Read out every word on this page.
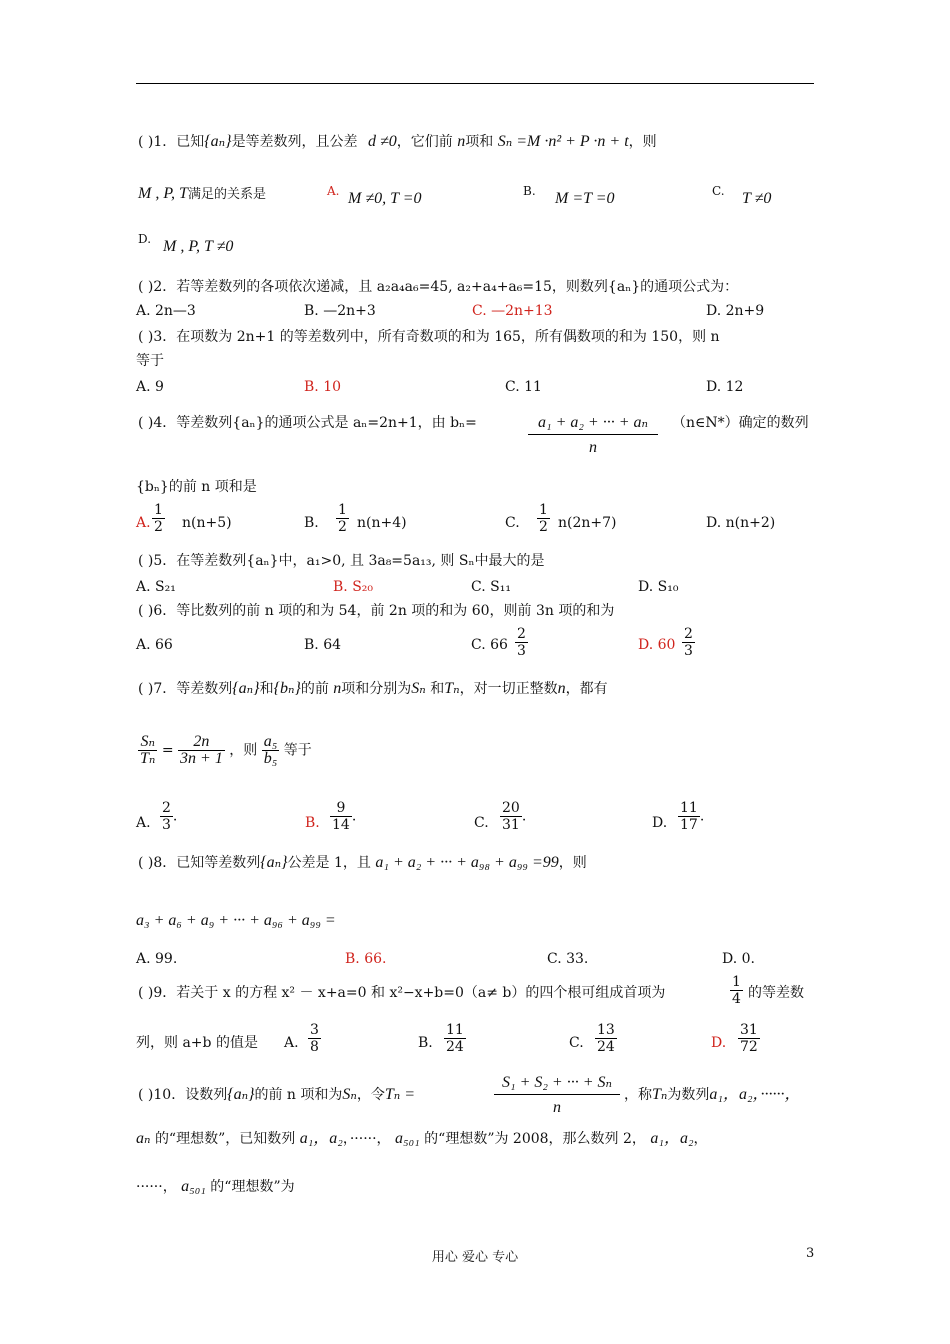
( )1．已知{aₙ}是等差数列，且公差 d ≠0，它们前 n项和 Sₙ =M ·n² + P ·n + t，则
M , P, T满足的关系是	A. M ≠0, T =0	B. M =T =0	C. T ≠0
D. M , P, T ≠0
( )2．若等差数列的各项依次递减，且 a₂a₄a₆=45, a₂+a₄+a₆=15，则数列{aₙ}的通项公式为：
A. 2n—3	B. —2n+3	C. —2n+13	D. 2n+9
( )3．在项数为 2n+1 的等差数列中，所有奇数项的和为 165，所有偶数项的和为 150，则 n
等于
A. 9	B. 10	C. 11	D. 12
( )4．等差数列{aₙ}的通项公式是 aₙ=2n+1，由 bₙ=	$\frac{\text{a₁ + a₂ + ··· + aₙ}}{n}$ （n∈N*）确定的数列
{bₙ}的前 n 项和是
A. $\frac{1}{2} n(n+5)$	B. $\frac{1}{2} n(n+4)$	C. $\frac{1}{2} n(2n+7)$	D. n(n+2)
( )5．在等差数列{aₙ}中，a₁>0, 且 3a₈=5a₁₃, 则 Sₙ中最大的是
A. S₂₁	B. S₂₀	C. S₁₁	D. S₁₀
( )6．等比数列的前 n 项的和为 54，前 2n 项的和为 60，则前 3n 项的和为
A. 66	B. 64	C. $66 \frac{2}{3}$	D. $60 \frac{2}{3}$
( )7．等差数列{aₙ}和{bₙ}的前 n项和分别为Sₙ 和Tₙ，对一切正整数n，都有
$\frac{\text{Sₙ}}{\text{Tₙ}} = \frac{2n}{3n + 1}$ ，则 $\frac{\text{a₅}}{\text{b₅}}$ 等于
A. $\frac{2}{3}$ .	B. $\frac{9}{14}$ .	C. $\frac{20}{31}$ .	D. $\frac{11}{17}$ .
( )8．已知等差数列{aₙ}公差是 1，且 a₁ + a₂ + ··· + a₉₈ + a₉₉ =99，则
a₃ + a₆ + a₉ + ··· + a₉₆ + a₉₉ =
A. 99.	B. 66.	C. 33.	D. 0.
( )9．若关于 x 的方程 x² － x+a=0 和 x²−x+b=0（a≠ b）的四个根可组成首项为	$\frac{1}{4}$ 的等差数
列，则 a+b 的值是 A. $\frac{3}{8}$	B. $\frac{11}{24}$	C. $\frac{13}{24}$	D. $\frac{31}{72}$
( )10．设数列{aₙ}的前 n 项和为Sₙ，令Tₙ =	$\frac{\text{S₁ + S₂ + ··· + Sₙ}}{n}$ ，称Tₙ为数列a₁，a₂，······，
aₙ 的“理想数”，已知数列 a₁，a₂，······， a₅₀₁ 的“理想数”为 2008，那么数列 2， a₁，a₂，
······， a₅₀₁ 的“理想数”为
用心 爱心 专心	3
